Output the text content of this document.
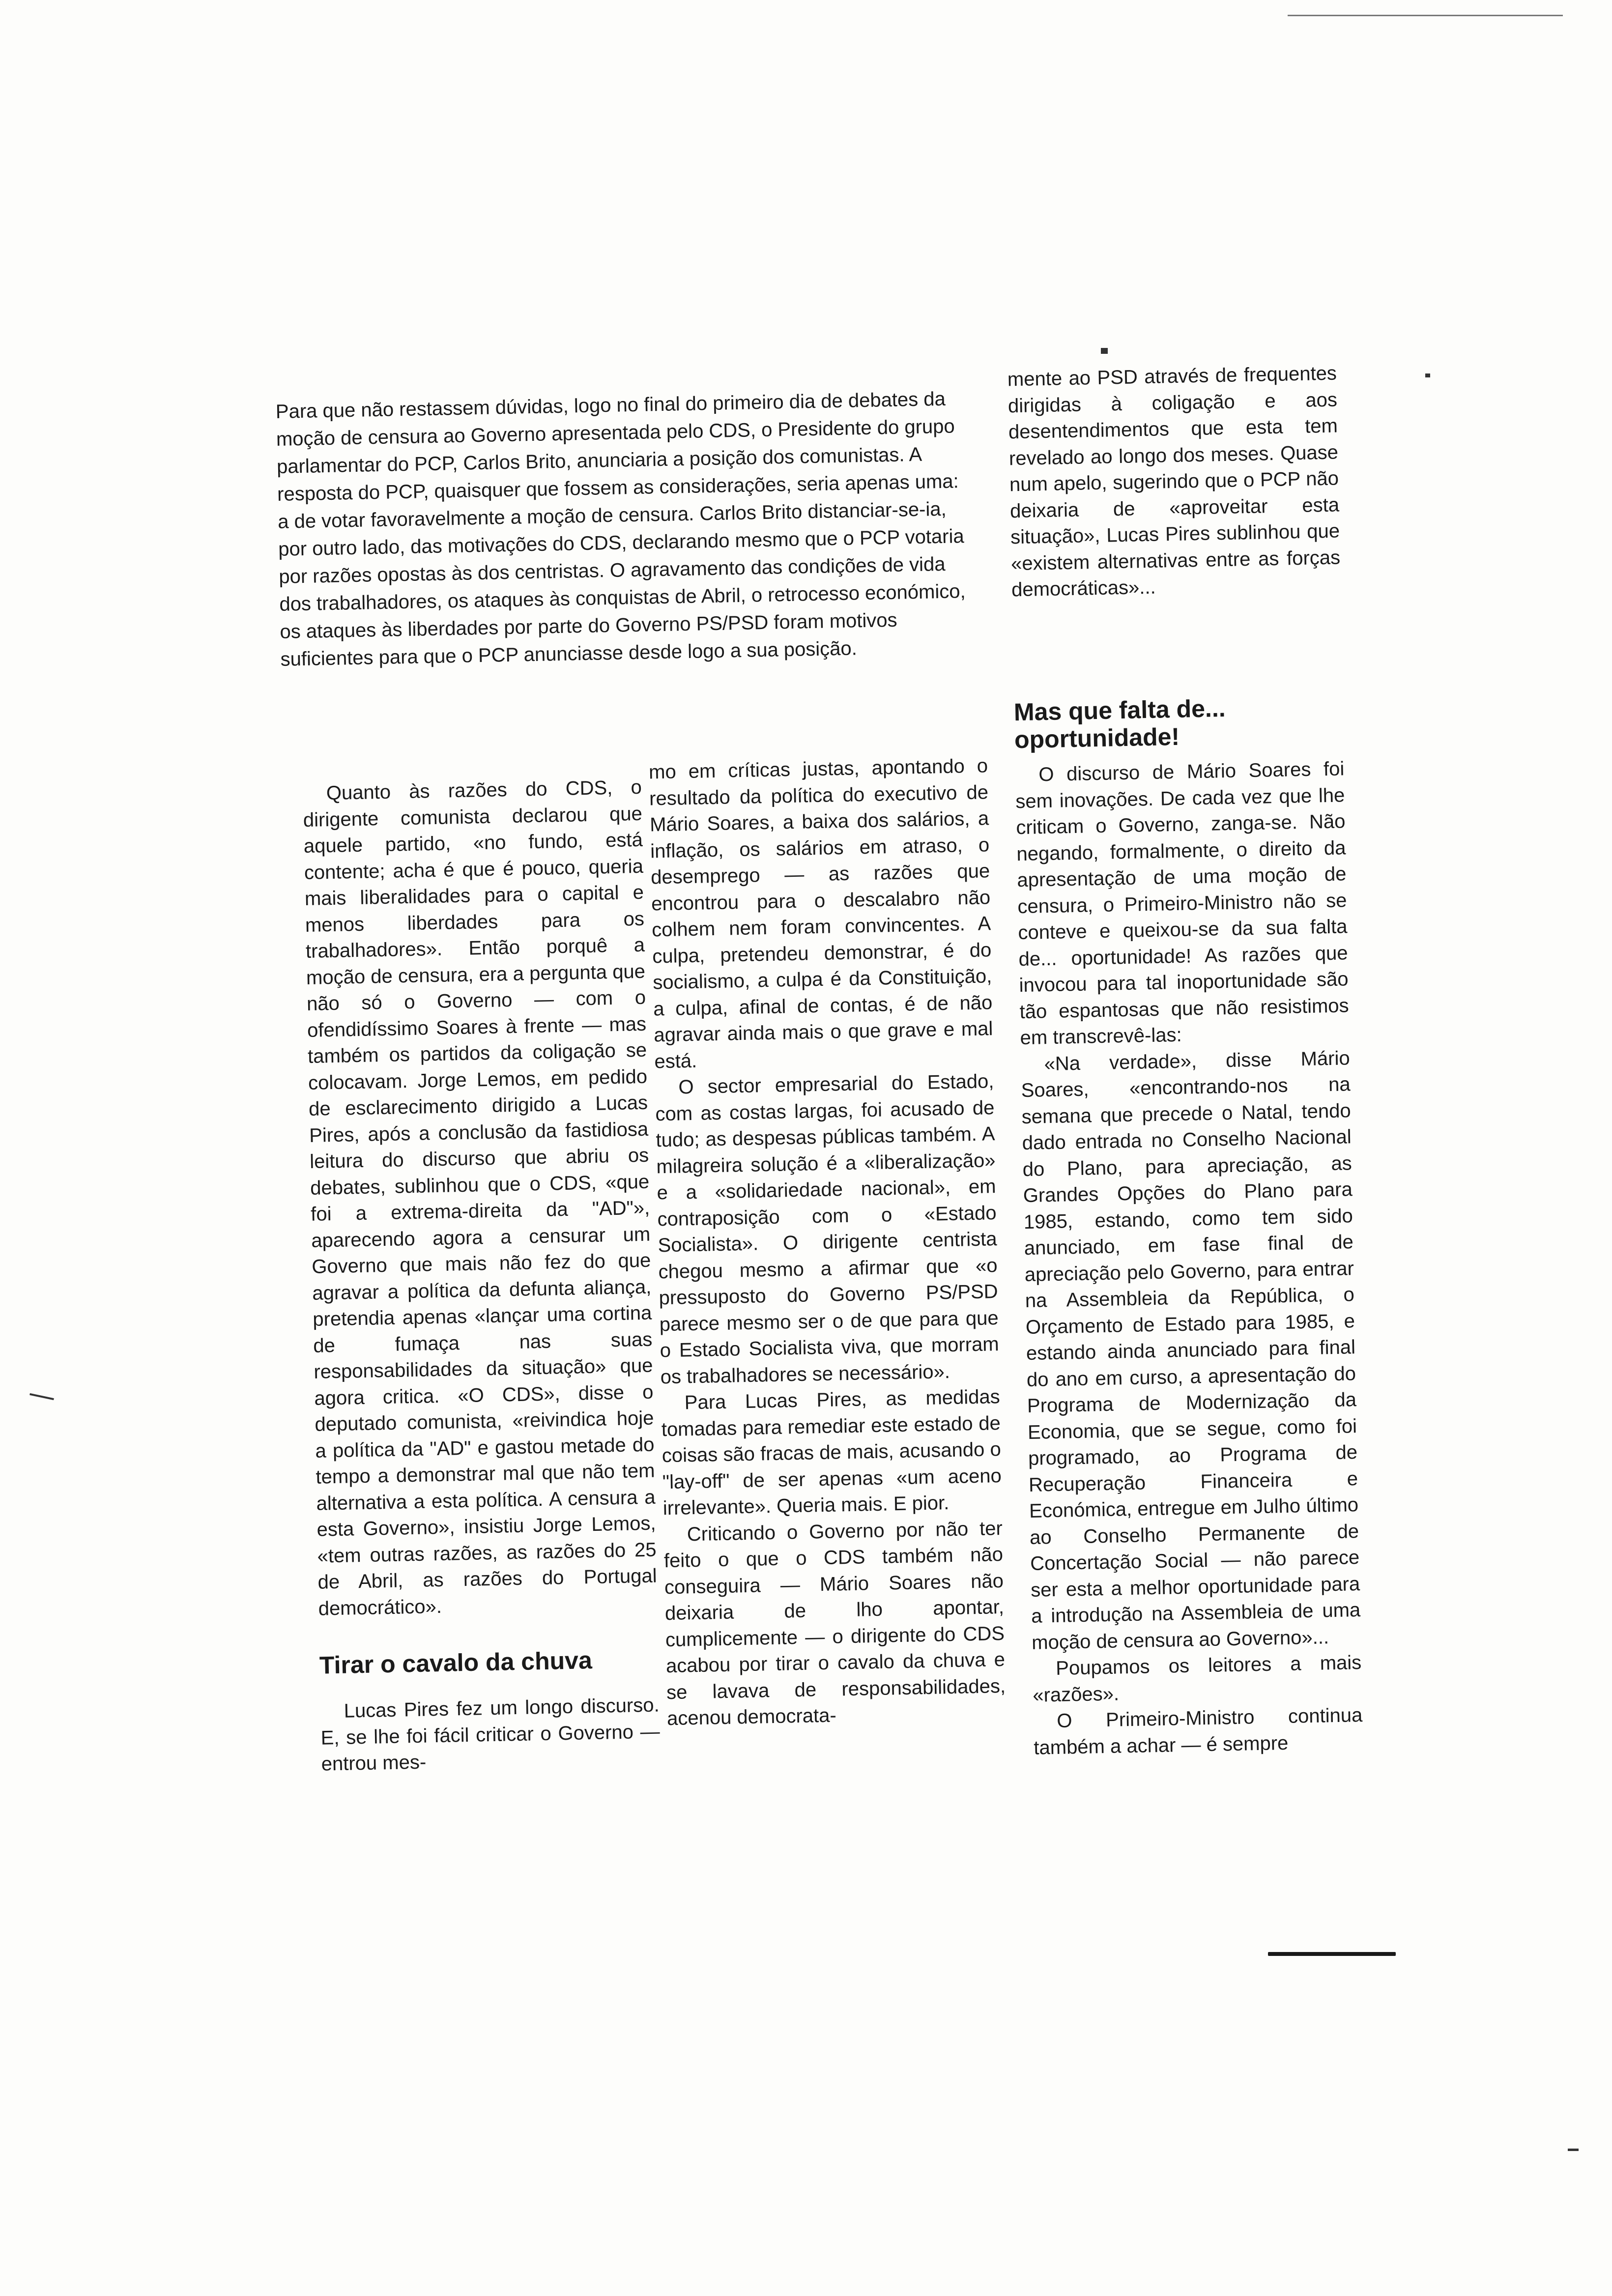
Para que não restassem dúvidas, logo no final do primeiro dia de debates da moção de censura ao Governo apresentada pelo CDS, o Presidente do grupo parlamentar do PCP, Carlos Brito, anunciaria a posição dos comunistas. A resposta do PCP, quaisquer que fossem as considerações, seria apenas uma: a de votar favoravelmente a moção de censura. Carlos Brito distanciar-se-ia, por outro lado, das motivações do CDS, declarando mesmo que o PCP votaria por razões opostas às dos centristas. O agravamento das condições de vida dos trabalhadores, os ataques às conquistas de Abril, o retrocesso económico, os ataques às liberdades por parte do Governo PS/PSD foram motivos suficientes para que o PCP anunciasse desde logo a sua posição.

Quanto às razões do CDS, o dirigente comunista declarou que aquele partido, «no fundo, está contente; acha é que é pouco, queria mais liberalidades para o capital e menos liberdades para os trabalhadores». Então porquê a moção de censura, era a pergunta que não só o Governo — com o ofendidíssimo Soares à frente — mas também os partidos da coligação se colocavam. Jorge Lemos, em pedido de esclarecimento dirigido a Lucas Pires, após a conclusão da fastidiosa leitura do discurso que abriu os debates, sublinhou que o CDS, «que foi a extrema-direita da "AD"», aparecendo agora a censurar um Governo que mais não fez do que agravar a política da defunta aliança, pretendia apenas «lançar uma cortina de fumaça nas suas responsabilidades da situação» que agora critica. «O CDS», disse o deputado comunista, «reivindica hoje a política da "AD" e gastou metade do tempo a demonstrar mal que não tem alternativa a esta política. A censura a esta Governo», insistiu Jorge Lemos, «tem outras razões, as razões do 25 de Abril, as razões do Portugal democrático».

Tirar o cavalo da chuva

Lucas Pires fez um longo discurso. E, se lhe foi fácil criticar o Governo — entrou mes-

mo em críticas justas, apontando o resultado da política do executivo de Mário Soares, a baixa dos salários, a inflação, os salários em atraso, o desemprego — as razões que encontrou para o descalabro não colhem nem foram convincentes. A culpa, pretendeu demonstrar, é do socialismo, a culpa é da Constituição, a culpa, afinal de contas, é de não agravar ainda mais o que grave e mal está.

O sector empresarial do Estado, com as costas largas, foi acusado de tudo; as despesas públicas também. A milagreira solução é a «liberalização» e a «solidariedade nacional», em contraposição com o «Estado Socialista». O dirigente centrista chegou mesmo a afirmar que «o pressuposto do Governo PS/PSD parece mesmo ser o de que para que o Estado Socialista viva, que morram os trabalhadores se necessário».

Para Lucas Pires, as medidas tomadas para remediar este estado de coisas são fracas de mais, acusando o "lay-off" de ser apenas «um aceno irrelevante». Queria mais. E pior.

Criticando o Governo por não ter feito o que o CDS também não conseguira — Mário Soares não deixaria de lho apontar, cumplicemente — o dirigente do CDS acabou por tirar o cavalo da chuva e se lavava de responsabilidades, acenou democrata-

mente ao PSD através de frequentes dirigidas à coligação e aos desentendimentos que esta tem revelado ao longo dos meses. Quase num apelo, sugerindo que o PCP não deixaria de «aproveitar esta situação», Lucas Pires sublinhou que «existem alternativas entre as forças democráticas»...

Mas que falta de... oportunidade!

O discurso de Mário Soares foi sem inovações. De cada vez que lhe criticam o Governo, zanga-se. Não negando, formalmente, o direito da apresentação de uma moção de censura, o Primeiro-Ministro não se conteve e queixou-se da sua falta de... oportunidade! As razões que invocou para tal inoportunidade são tão espantosas que não resistimos em transcrevê-las:

«Na verdade», disse Mário Soares, «encontrando-nos na semana que precede o Natal, tendo dado entrada no Conselho Nacional do Plano, para apreciação, as Grandes Opções do Plano para 1985, estando, como tem sido anunciado, em fase final de apreciação pelo Governo, para entrar na Assembleia da República, o Orçamento de Estado para 1985, e estando ainda anunciado para final do ano em curso, a apresentação do Programa de Modernização da Economia, que se segue, como foi programado, ao Programa de Recuperação Financeira e Económica, entregue em Julho último ao Conselho Permanente de Concertação Social — não parece ser esta a melhor oportunidade para a introdução na Assembleia de uma moção de censura ao Governo»...

Poupamos os leitores a mais «razões».

O Primeiro-Ministro continua também a achar — é sempre
